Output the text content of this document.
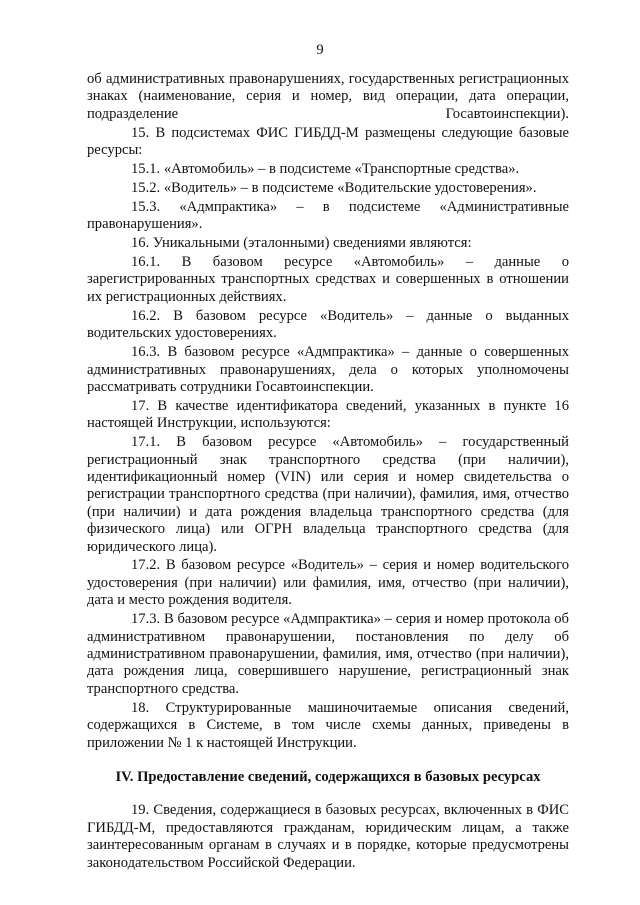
9

об административных правонарушениях, государственных регистрационных знаках (наименование, серия и номер, вид операции, дата операции, подразделение Госавтоинспекции).

15. В подсистемах ФИС ГИБДД-М размещены следующие базовые ресурсы:

15.1. «Автомобиль» – в подсистеме «Транспортные средства».

15.2. «Водитель» – в подсистеме «Водительские удостоверения».

15.3. «Адмпрактика» – в подсистеме «Административные правонарушения».

16. Уникальными (эталонными) сведениями являются:

16.1. В базовом ресурсе «Автомобиль» – данные о зарегистрированных транспортных средствах и совершенных в отношении их регистрационных действиях.

16.2. В базовом ресурсе «Водитель» – данные о выданных водительских удостоверениях.

16.3. В базовом ресурсе «Адмпрактика» – данные о совершенных административных правонарушениях, дела о которых уполномочены рассматривать сотрудники Госавтоинспекции.

17. В качестве идентификатора сведений, указанных в пункте 16 настоящей Инструкции, используются:

17.1. В базовом ресурсе «Автомобиль» – государственный регистрационный знак транспортного средства (при наличии), идентификационный номер (VIN) или серия и номер свидетельства о регистрации транспортного средства (при наличии), фамилия, имя, отчество (при наличии) и дата рождения владельца транспортного средства (для физического лица) или ОГРН владельца транспортного средства (для юридического лица).

17.2. В базовом ресурсе «Водитель» – серия и номер водительского удостоверения (при наличии) или фамилия, имя, отчество (при наличии), дата и место рождения водителя.

17.3. В базовом ресурсе «Адмпрактика» – серия и номер протокола об административном правонарушении, постановления по делу об административном правонарушении, фамилия, имя, отчество (при наличии), дата рождения лица, совершившего нарушение, регистрационный знак транспортного средства.

18. Структурированные машиночитаемые описания сведений, содержащихся в Системе, в том числе схемы данных, приведены в приложении № 1 к настоящей Инструкции.

IV. Предоставление сведений, содержащихся в базовых ресурсах

19. Сведения, содержащиеся в базовых ресурсах, включенных в ФИС ГИБДД-М, предоставляются гражданам, юридическим лицам, а также заинтересованным органам в случаях и в порядке, которые предусмотрены законодательством Российской Федерации.
